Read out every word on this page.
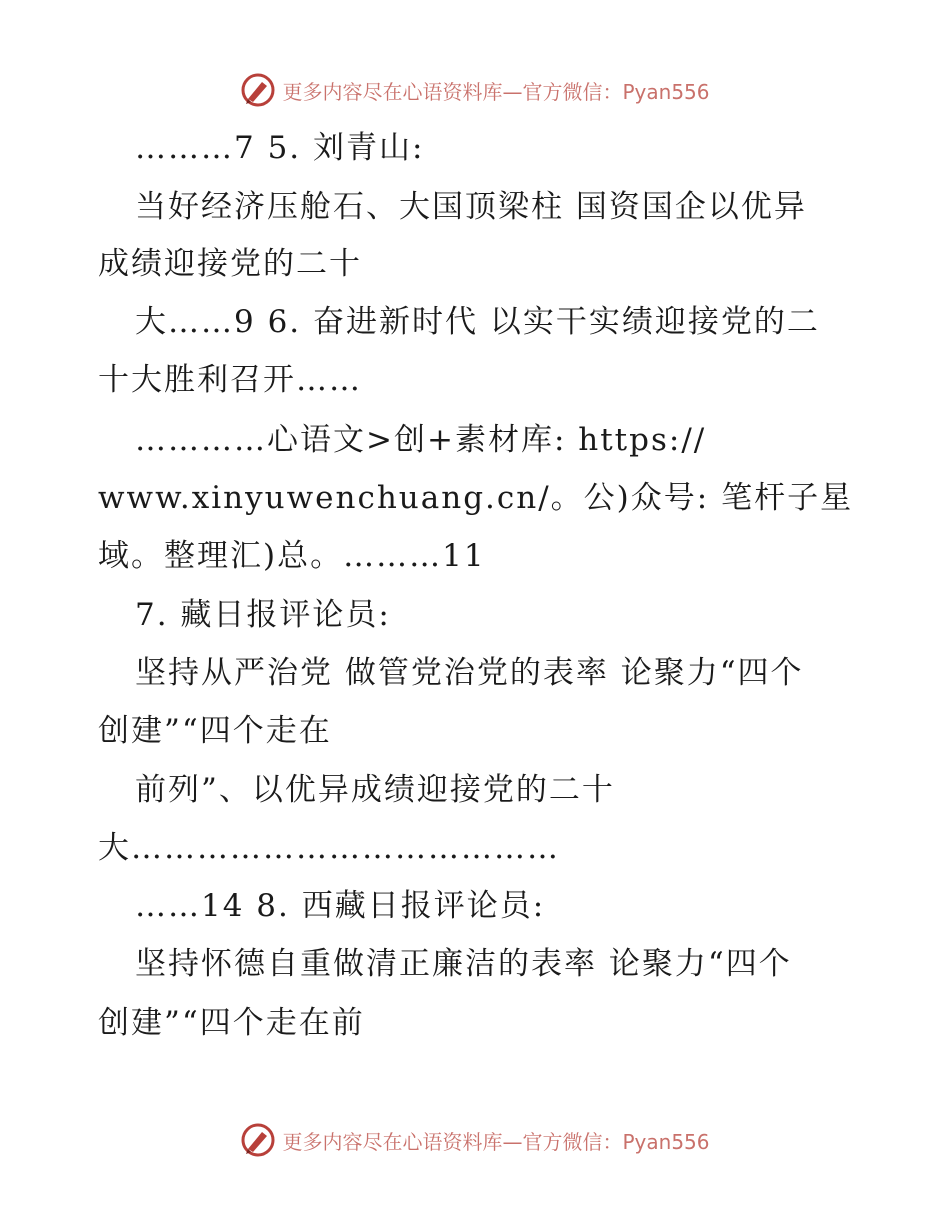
更多内容尽在心语资料库—官方微信：Pyan556
………7 5. 刘青山:
当好经济压舱石、大国顶梁柱 国资国企以优异
成绩迎接党的二十
大……9 6. 奋进新时代 以实干实绩迎接党的二
十大胜利召开……
…………心语文>创+素材库: https://
www.xinyuwenchuang.cn/。公)众号: 笔杆子星
域。整理汇)总。………11
7. 藏日报评论员:
坚持从严治党 做管党治党的表率 论聚力“四个
创建”“四个走在
前列”、以优异成绩迎接党的二十
大…………………………………
……14 8. 西藏日报评论员:
坚持怀德自重做清正廉洁的表率 论聚力“四个
创建”“四个走在前
更多内容尽在心语资料库—官方微信：Pyan556
